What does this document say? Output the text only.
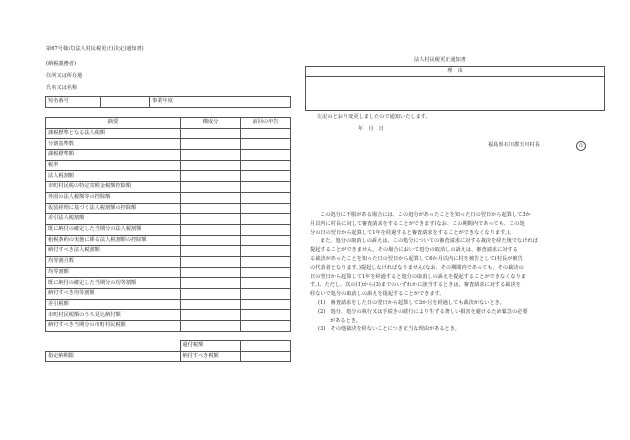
第67号様式(法人村民税更正(決定)通知書)
(納税義務者)
住所又は所在地
氏名又は名称
宛名番号		事業年度	
摘要	構成分	前回の申告
課税標準となる法人税額		
分割基準数		
課税標準額		
税率		
法人税割額		
市町村民税の特定寄附金税額控除額		
外国の法人税額等の控除額		
仮装経理に基づく法人税割額の控除額		
差引法人税割額		
既に納付の確定した当期分の法人税割額		
租税条約の実施に係る法人税割額の控除額		
納付すべき法人税割額		
均等割月数		
均等割額		
既に納付の確定した当期分の均等割額		
納付すべき均等割額		
差引税額		
市町村民税額のうち見込納付額		
納付すべき当期分の市町村民税額		
	還付税額	
指定納期限	納付すべき税額	
法人村民税更正通知書
理　由
左記のとおり変更しましたので通知いたします。
年　月　日
福島県石川郡玉川村長	印
この処分に不服がある場合には、この処分があったことを知った日の翌日から起算して3か
月以内に村長に対して審査請求をすることができます(なお、この期間内であっても、この処
分の日の翌日から起算して1年を経過すると審査請求をすることができなくなります。)。
また、処分の取消しの訴えは、この処分についての審査請求に対する裁決を経た後でなければ
提起することができません。その場合において処分の取消しの訴えは、審査請求に対する
る裁決があったことを知った日の翌日から起算して6か月以内に村を被告として(村長が被告
の代表者となります。)提起しなければなりません(なお、その期間内であっても、その裁決の
日の翌日から起算して1年を経過すると処分の取消しの訴えを提起することができなくなりま
す。)。ただし、次の(1)から(3)までのいずれかに該当するときは、審査請求に対する裁決を
経ないで処分の取消しの訴えを提起することができます。
(1)　審査請求をした日の翌日から起算して3か月を経過しても裁決がないとき。
(2)　処分、処分の執行又は手続きの続行により生ずる著しい損害を避けるため緊急の必要
があるとき。
(3)　その他裁決を経ないことにつき正当な理由があるとき。
